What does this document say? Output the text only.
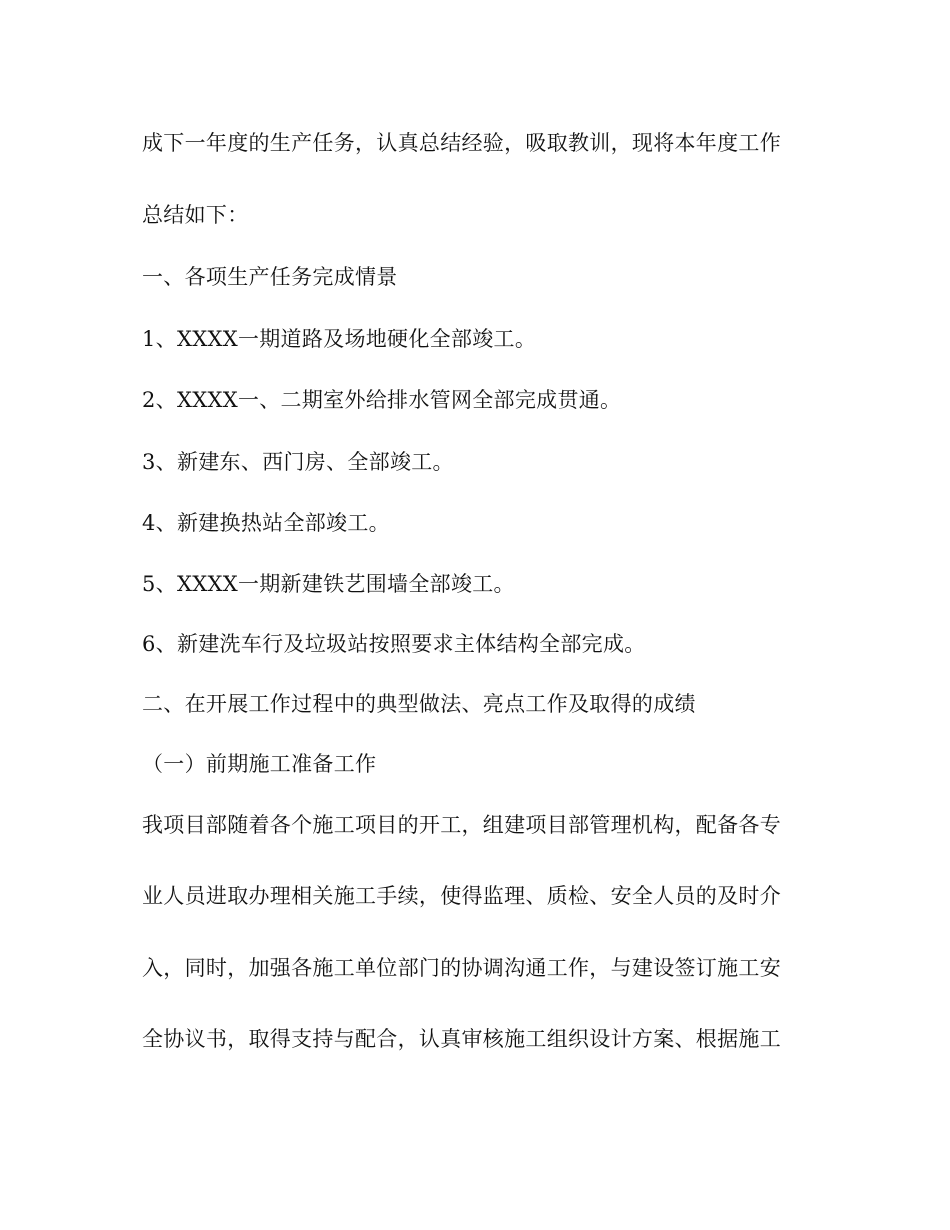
成下一年度的生产任务，认真总结经验，吸取教训，现将本年度工作
总结如下：
一、各项生产任务完成情景
1、XXXX一期道路及场地硬化全部竣工。
2、XXXX一、二期室外给排水管网全部完成贯通。
3、新建东、西门房、全部竣工。
4、新建换热站全部竣工。
5、XXXX一期新建铁艺围墙全部竣工。
6、新建洗车行及垃圾站按照要求主体结构全部完成。
二、在开展工作过程中的典型做法、亮点工作及取得的成绩
（一）前期施工准备工作
我项目部随着各个施工项目的开工，组建项目部管理机构，配备各专
业人员进取办理相关施工手续，使得监理、质检、安全人员的及时介
入，同时，加强各施工单位部门的协调沟通工作，与建设签订施工安
全协议书，取得支持与配合，认真审核施工组织设计方案、根据施工
